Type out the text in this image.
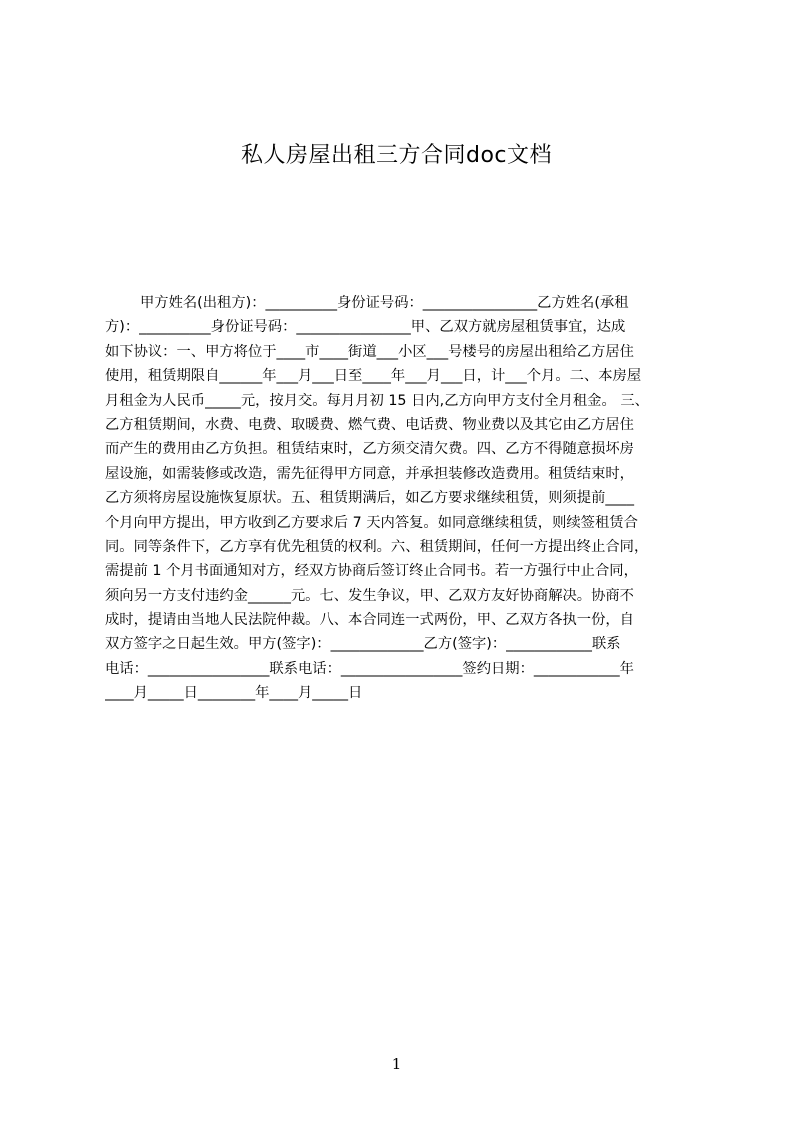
私人房屋出租三方合同doc文档
甲方姓名(出租方)：__________身份证号码：________________乙方姓名(承租
方)：__________身份证号码：________________甲、乙双方就房屋租赁事宜，达成
如下协议：一、甲方将位于____市____街道___小区___号楼号的房屋出租给乙方居住
使用，租赁期限自______年___月___日至____年___月___日，计___个月。二、本房屋
月租金为人民币_____元，按月交。每月月初 15 日内,乙方向甲方支付全月租金。 三、
乙方租赁期间，水费、电费、取暖费、燃气费、电话费、物业费以及其它由乙方居住
而产生的费用由乙方负担。租赁结束时，乙方须交清欠费。四、乙方不得随意损坏房
屋设施，如需装修或改造，需先征得甲方同意，并承担装修改造费用。租赁结束时，
乙方须将房屋设施恢复原状。五、租赁期满后，如乙方要求继续租赁，则须提前____
个月向甲方提出，甲方收到乙方要求后 7 天内答复。如同意继续租赁，则续签租赁合
同。同等条件下，乙方享有优先租赁的权利。六、租赁期间，任何一方提出终止合同，
需提前 1 个月书面通知对方，经双方协商后签订终止合同书。若一方强行中止合同，
须向另一方支付违约金______元。七、发生争议，甲、乙双方友好协商解决。协商不
成时，提请由当地人民法院仲裁。八、本合同连一式两份，甲、乙双方各执一份，自
双方签字之日起生效。甲方(签字)：_____________乙方(签字)：____________联系
电话：_________________联系电话：_________________签约日期：____________年
____月_____日________年____月_____日
1
